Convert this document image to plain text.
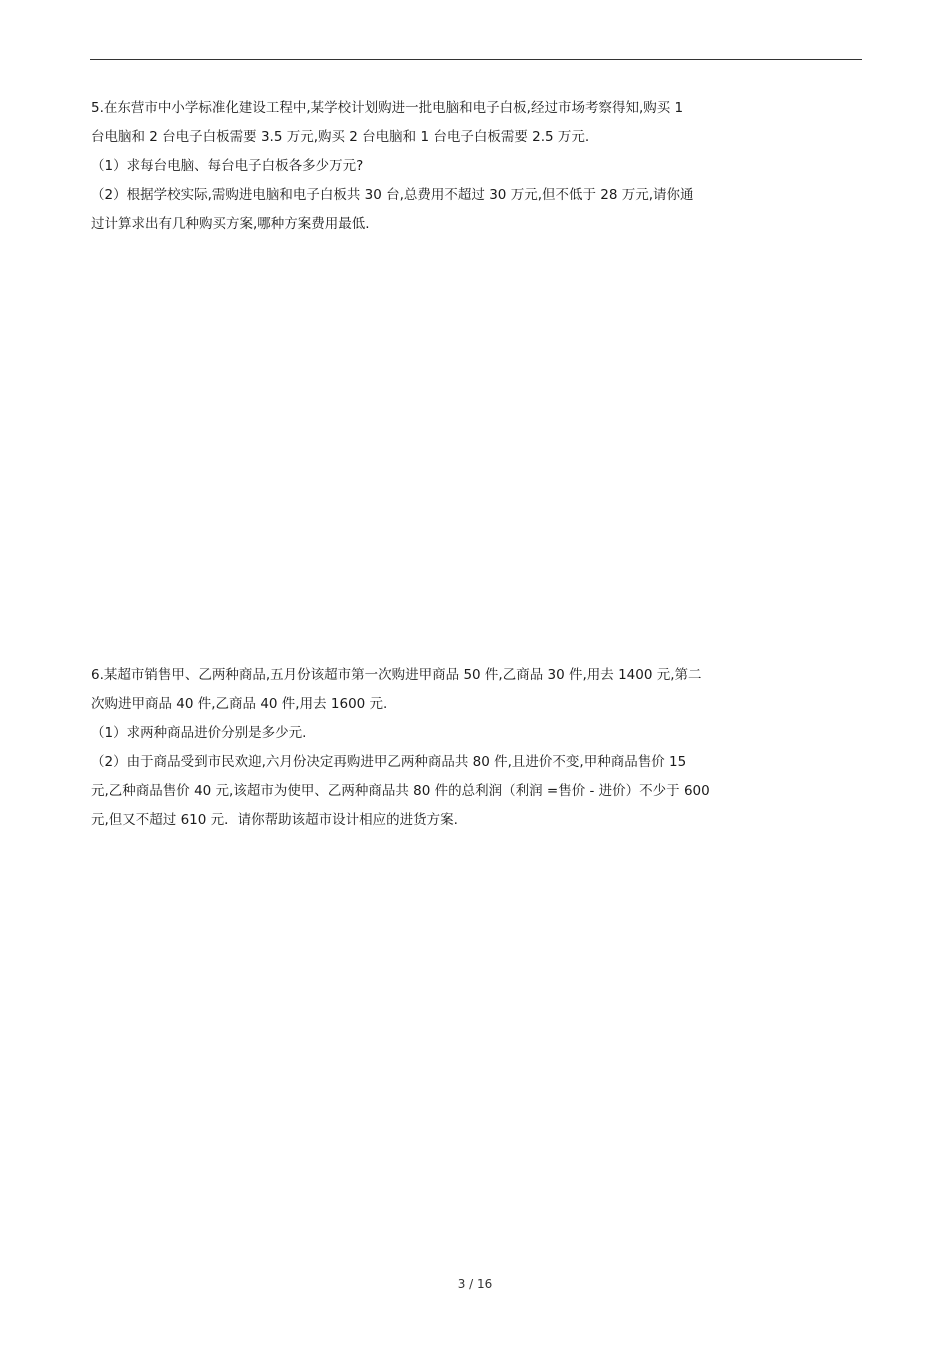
5.在东营市中小学标准化建设工程中,某学校计划购进一批电脑和电子白板,经过市场考察得知,购买 1
台电脑和 2 台电子白板需要 3.5 万元,购买 2 台电脑和 1 台电子白板需要 2.5 万元.
（1）求每台电脑、每台电子白板各多少万元?
（2）根据学校实际,需购进电脑和电子白板共 30 台,总费用不超过 30 万元,但不低于 28 万元,请你通
过计算求出有几种购买方案,哪种方案费用最低.
6.某超市销售甲、乙两种商品,五月份该超市第一次购进甲商品 50 件,乙商品 30 件,用去 1400 元,第二
次购进甲商品 40 件,乙商品 40 件,用去 1600 元.
（1）求两种商品进价分别是多少元.
（2）由于商品受到市民欢迎,六月份决定再购进甲乙两种商品共 80 件,且进价不变,甲种商品售价 15
元,乙种商品售价 40 元,该超市为使甲、乙两种商品共 80 件的总利润（利润 =售价 - 进价）不少于 600
元,但又不超过 610 元．请你帮助该超市设计相应的进货方案.
3 / 16
